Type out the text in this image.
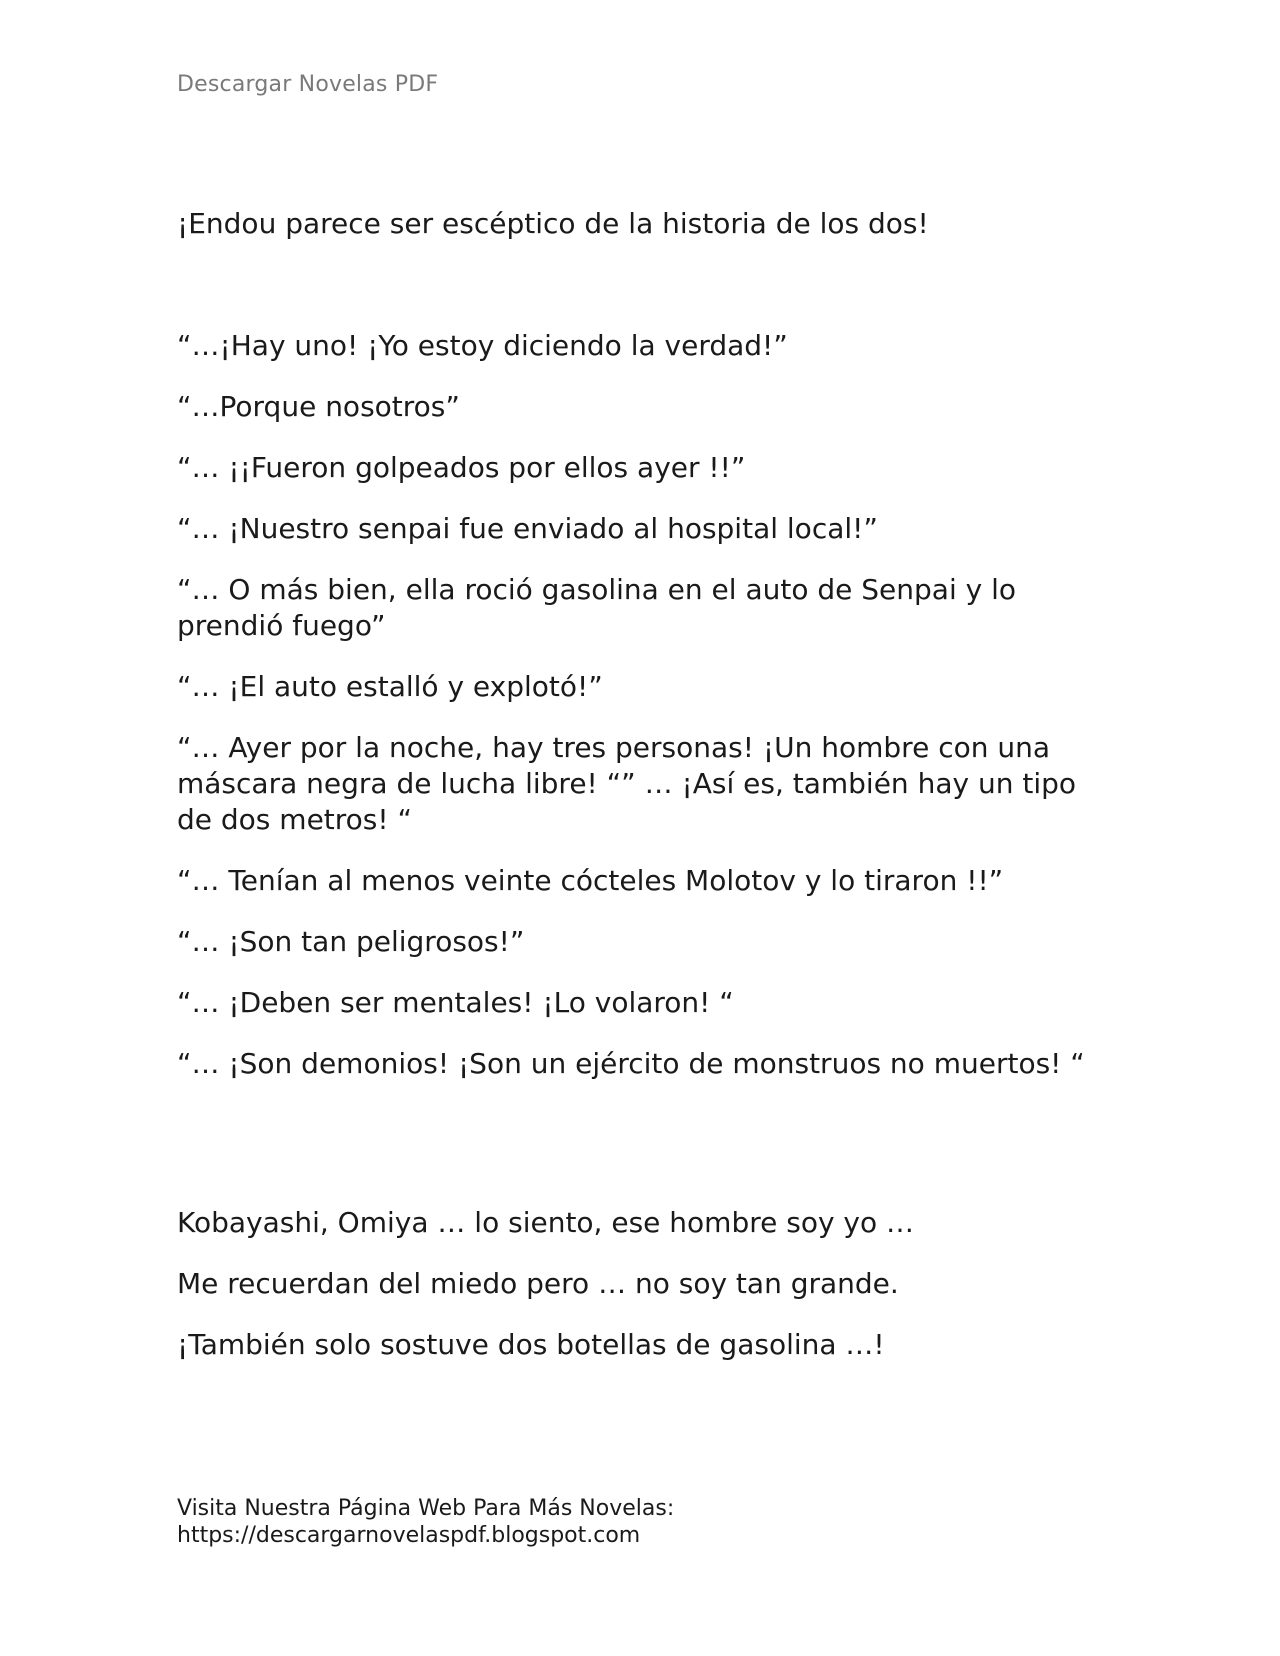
Descargar Novelas PDF

¡Endou parece ser escéptico de la historia de los dos!

“…¡Hay uno! ¡Yo estoy diciendo la verdad!”

“…Porque nosotros”

“… ¡¡Fueron golpeados por ellos ayer !!”

“… ¡Nuestro senpai fue enviado al hospital local!”

“… O más bien, ella roció gasolina en el auto de Senpai y lo prendió fuego”

“… ¡El auto estalló y explotó!”

“… Ayer por la noche, hay tres personas! ¡Un hombre con una máscara negra de lucha libre! “” … ¡Así es, también hay un tipo de dos metros! “

“… Tenían al menos veinte cócteles Molotov y lo tiraron !!”

“… ¡Son tan peligrosos!”

“… ¡Deben ser mentales! ¡Lo volaron! “

“… ¡Son demonios! ¡Son un ejército de monstruos no muertos! “

Kobayashi, Omiya … lo siento, ese hombre soy yo …

Me recuerdan del miedo pero … no soy tan grande.

¡También solo sostuve dos botellas de gasolina …!

Visita Nuestra Página Web Para Más Novelas:
https://descargarnovelaspdf.blogspot.com
